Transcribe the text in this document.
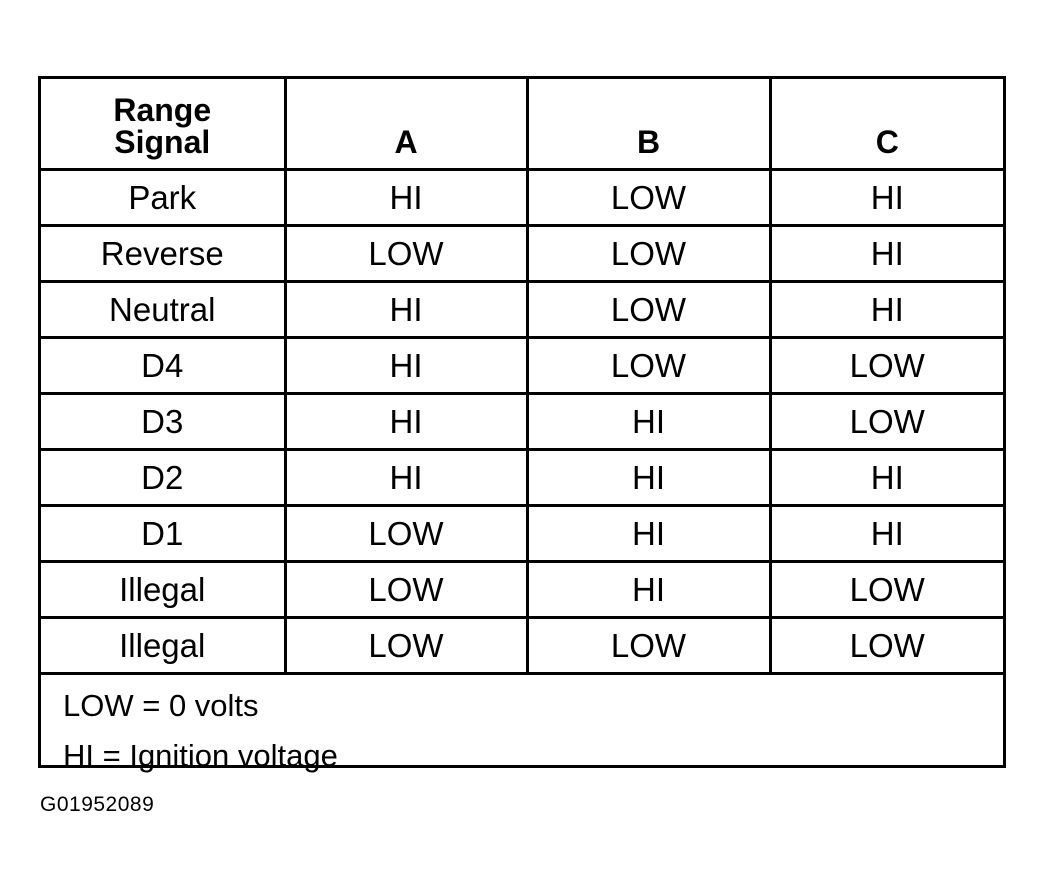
Range
Signal	A	B	C
Park	HI	LOW	HI
Reverse	LOW	LOW	HI
Neutral	HI	LOW	HI
D4	HI	LOW	LOW
D3	HI	HI	LOW
D2	HI	HI	HI
D1	LOW	HI	HI
Illegal	LOW	HI	LOW
Illegal	LOW	LOW	LOW
LOW = 0 volts
HI = Ignition voltage
G01952089
